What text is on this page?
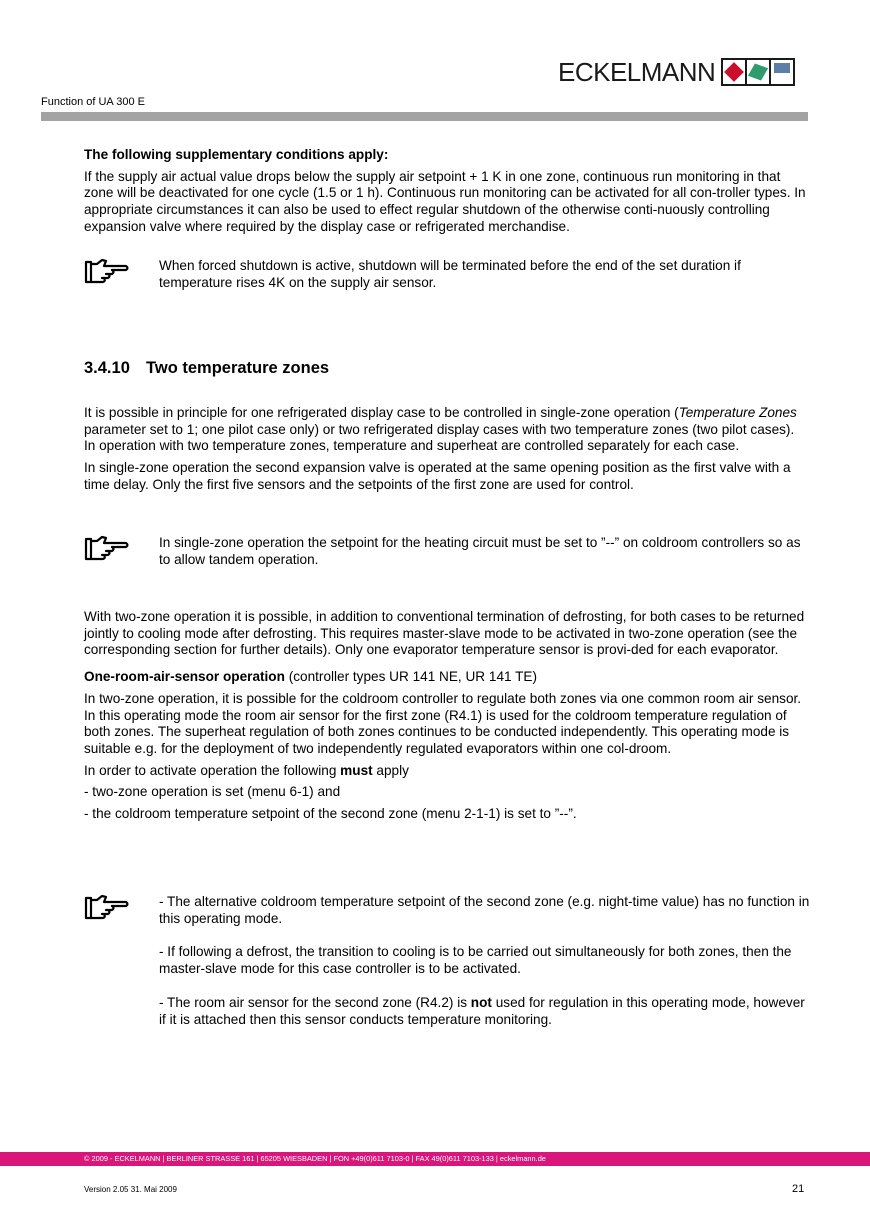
ECKELMANN
Function of UA 300 E

The following supplementary conditions apply:

If the supply air actual value drops below the supply air setpoint + 1 K in one zone, continuous run monitoring in that zone will be deactivated for one cycle (1.5 or 1 h). Continuous run monitoring can be activated for all con-troller types. In appropriate circumstances it can also be used to effect regular shutdown of the otherwise conti-nuously controlling expansion valve where required by the display case or refrigerated merchandise.

When forced shutdown is active, shutdown will be terminated before the end of the set duration if temperature rises 4K on the supply air sensor.
3.4.10 Two temperature zones

It is possible in principle for one refrigerated display case to be controlled in single-zone operation (Temperature Zones parameter set to 1; one pilot case only) or two refrigerated display cases with two temperature zones (two pilot cases). In operation with two temperature zones, temperature and superheat are controlled separately for each case.

In single-zone operation the second expansion valve is operated at the same opening position as the first valve with a time delay. Only the first five sensors and the setpoints of the first zone are used for control.

In single-zone operation the setpoint for the heating circuit must be set to ”--” on coldroom controllers so as to allow tandem operation.

With two-zone operation it is possible, in addition to conventional termination of defrosting, for both cases to be returned jointly to cooling mode after defrosting. This requires master-slave mode to be activated in two-zone operation (see the corresponding section for further details). Only one evaporator temperature sensor is provi-ded for each evaporator.

One-room-air-sensor operation (controller types UR 141 NE, UR 141 TE)

In two-zone operation, it is possible for the coldroom controller to regulate both zones via one common room air sensor. In this operating mode the room air sensor for the first zone (R4.1) is used for the coldroom temperature regulation of both zones. The superheat regulation of both zones continues to be conducted independently. This operating mode is suitable e.g. for the deployment of two independently regulated evaporators within one col-droom.

In order to activate operation the following must apply

- two-zone operation is set (menu 6-1) and

- the coldroom temperature setpoint of the second zone (menu 2-1-1) is set to ”--”.

- The alternative coldroom temperature setpoint of the second zone (e.g. night-time value) has no function in this operating mode.

- If following a defrost, the transition to cooling is to be carried out simultaneously for both zones, then the master-slave mode for this case controller is to be activated.

- The room air sensor for the second zone (R4.2) is not used for regulation in this operating mode, however if it is attached then this sensor conducts temperature monitoring.

© 2009 - ECKELMANN | BERLINER STRASSE 161 | 65205 WIESBADEN | FON +49(0)611 7103-0 | FAX 49(0)611 7103-133 | eckelmann.de
Version 2.05 31. Mai 2009	21
